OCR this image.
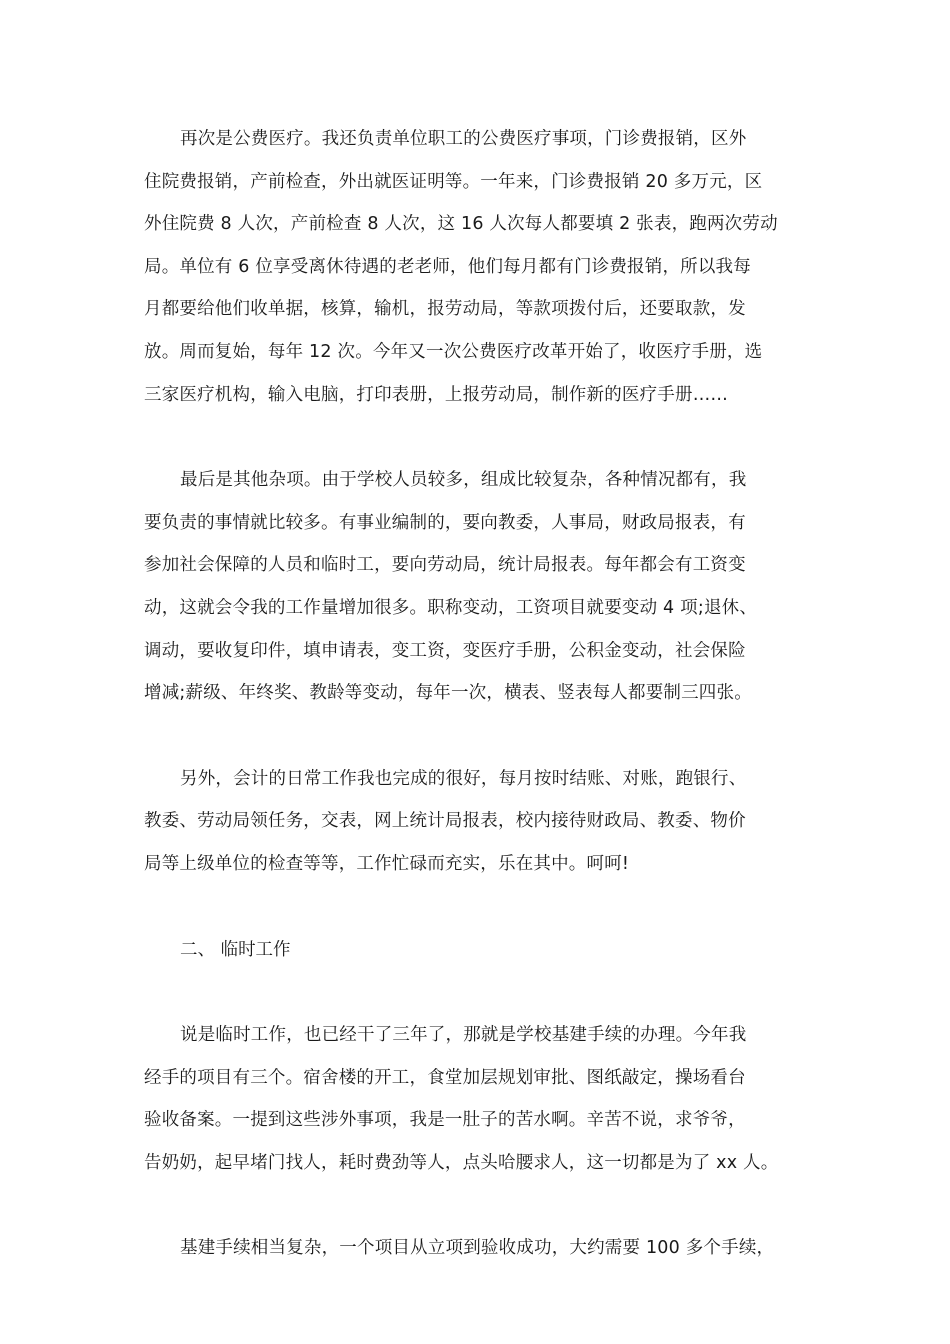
再次是公费医疗。我还负责单位职工的公费医疗事项，门诊费报销，区外
住院费报销，产前检查，外出就医证明等。一年来，门诊费报销 20 多万元，区
外住院费 8 人次，产前检查 8 人次，这 16 人次每人都要填 2 张表，跑两次劳动
局。单位有 6 位享受离休待遇的老老师，他们每月都有门诊费报销，所以我每
月都要给他们收单据，核算，输机，报劳动局，等款项拨付后，还要取款，发
放。周而复始，每年 12 次。今年又一次公费医疗改革开始了，收医疗手册，选
三家医疗机构，输入电脑，打印表册，上报劳动局，制作新的医疗手册……
最后是其他杂项。由于学校人员较多，组成比较复杂，各种情况都有，我
要负责的事情就比较多。有事业编制的，要向教委，人事局，财政局报表，有
参加社会保障的人员和临时工，要向劳动局，统计局报表。每年都会有工资变
动，这就会令我的工作量增加很多。职称变动，工资项目就要变动 4 项;退休、
调动，要收复印件，填申请表，变工资，变医疗手册，公积金变动，社会保险
增减;薪级、年终奖、教龄等变动，每年一次，横表、竖表每人都要制三四张。
另外，会计的日常工作我也完成的很好，每月按时结账、对账，跑银行、
教委、劳动局领任务，交表，网上统计局报表，校内接待财政局、教委、物价
局等上级单位的检查等等，工作忙碌而充实，乐在其中。呵呵!
二、 临时工作
说是临时工作，也已经干了三年了，那就是学校基建手续的办理。今年我
经手的项目有三个。宿舍楼的开工，食堂加层规划审批、图纸敲定，操场看台
验收备案。一提到这些涉外事项，我是一肚子的苦水啊。辛苦不说，求爷爷，
告奶奶，起早堵门找人，耗时费劲等人，点头哈腰求人，这一切都是为了 xx 人。
基建手续相当复杂，一个项目从立项到验收成功，大约需要 100 多个手续，
